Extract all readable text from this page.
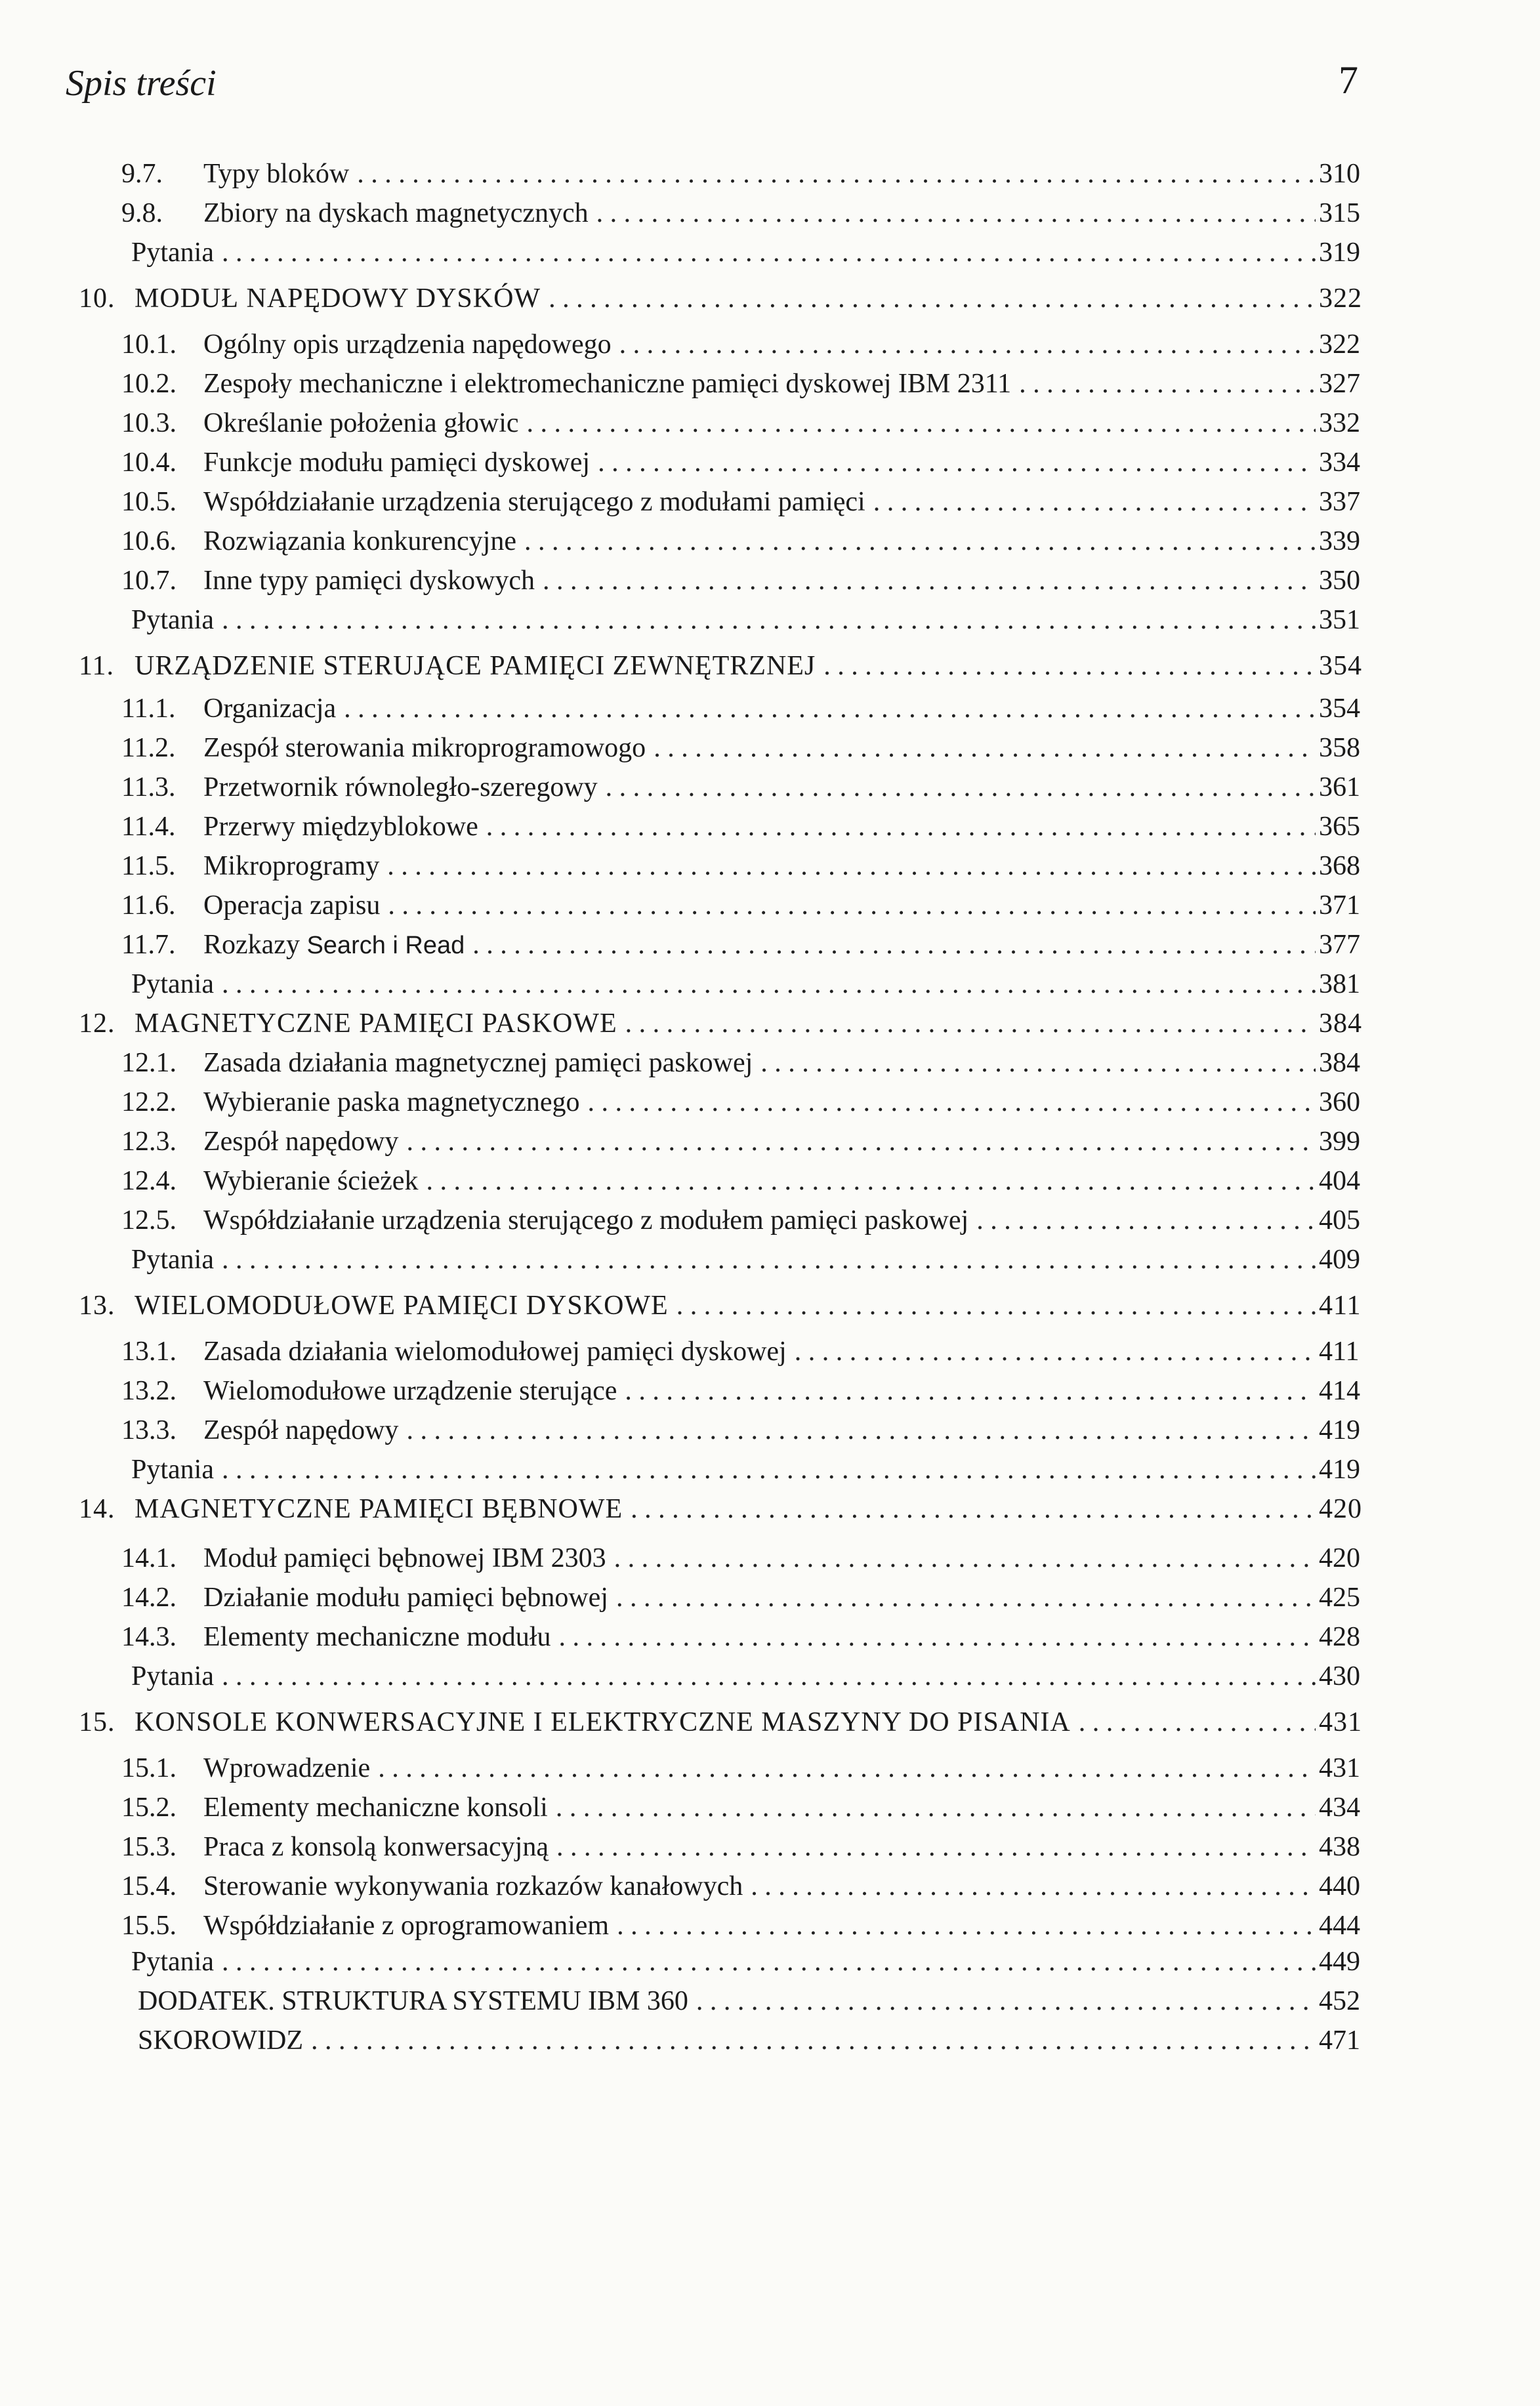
Spis treści	7
9.7. Typy bloków . . .	310
9.8. Zbiory na dyskach magnetycznych . . .	315
Pytania . . .	319
10. MODUŁ NAPĘDOWY DYSKÓW . . .	322
10.1. Ogólny opis urządzenia napędowego . . .	322
10.2. Zespoły mechaniczne i elektromechaniczne pamięci dyskowej IBM 2311 . . .	327
10.3. Określanie położenia głowic . . .	332
10.4. Funkcje modułu pamięci dyskowej . . .	334
10.5. Współdziałanie urządzenia sterującego z modułami pamięci . . .	337
10.6. Rozwiązania konkurencyjne . . .	339
10.7. Inne typy pamięci dyskowych . . .	350
Pytania . . .	351
11. URZĄDZENIE STERUJĄCE PAMIĘCI ZEWNĘTRZNEJ . . .	354
11.1. Organizacja . . .	354
11.2. Zespół sterowania mikroprogramowogo . . .	358
11.3. Przetwornik równoległo-szeregowy . . .	361
11.4. Przerwy międzyblokowe . . .	365
11.5. Mikroprogramy . . .	368
11.6. Operacja zapisu . . .	371
11.7. Rozkazy Search i Read . . .	377
Pytania . . .	381
12. MAGNETYCZNE PAMIĘCI PASKOWE . . .	384
12.1. Zasada działania magnetycznej pamięci paskowej . . .	384
12.2. Wybieranie paska magnetycznego . . .	360
12.3. Zespół napędowy . . .	399
12.4. Wybieranie ścieżek . . .	404
12.5. Współdziałanie urządzenia sterującego z modułem pamięci paskowej . . .	405
Pytania . . .	409
13. WIELOMODUŁOWE PAMIĘCI DYSKOWE . . .	411
13.1. Zasada działania wielomodułowej pamięci dyskowej . . .	411
13.2. Wielomodułowe urządzenie sterujące . . .	414
13.3. Zespół napędowy . . .	419
Pytania . . .	419
14. MAGNETYCZNE PAMIĘCI BĘBNOWE . . .	420
14.1. Moduł pamięci bębnowej IBM 2303 . . .	420
14.2. Działanie modułu pamięci bębnowej . . .	425
14.3. Elementy mechaniczne modułu . . .	428
Pytania . . .	430
15. KONSOLE KONWERSACYJNE I ELEKTRYCZNE MASZYNY DO PISANIA . . .	431
15.1. Wprowadzenie . . .	431
15.2. Elementy mechaniczne konsoli . . .	434
15.3. Praca z konsolą konwersacyjną . . .	438
15.4. Sterowanie wykonywania rozkazów kanałowych . . .	440
15.5. Współdziałanie z oprogramowaniem . . .	444
Pytania . . .	449
DODATEK. STRUKTURA SYSTEMU IBM 360 . . .	452
SKOROWIDZ . . .	471
